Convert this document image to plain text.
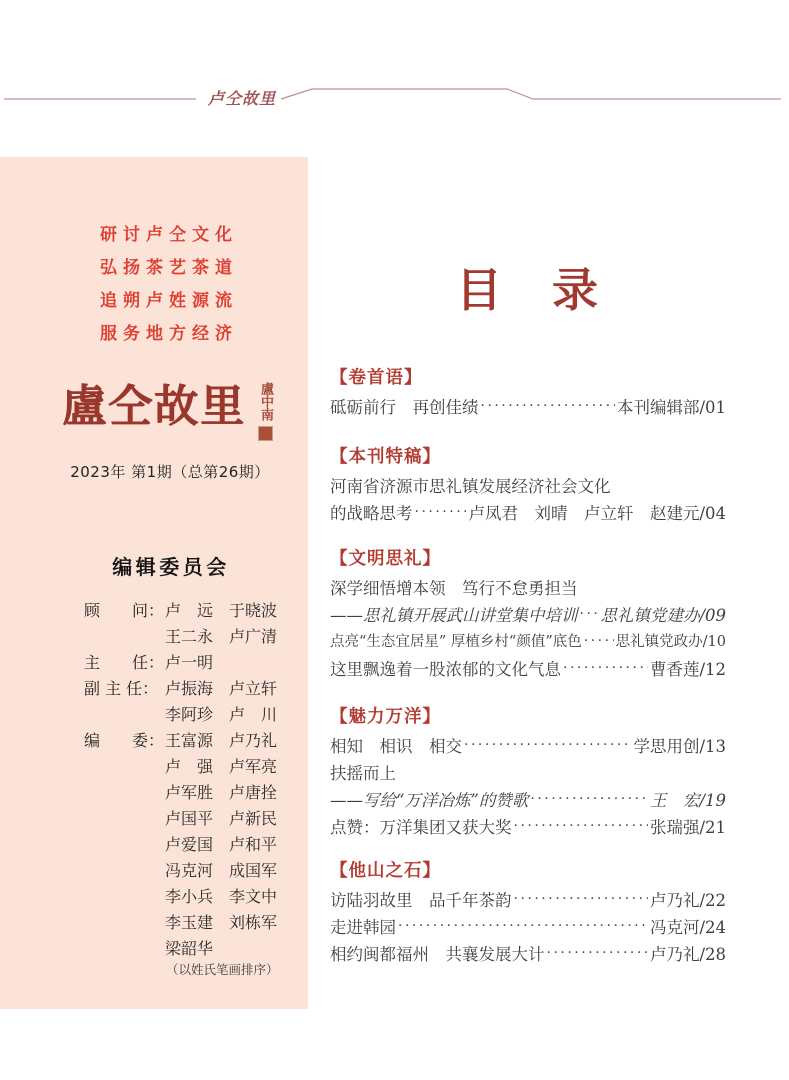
卢仝故里
研讨卢仝文化
弘扬茶艺茶道
追朔卢姓源流
服务地方经济
盧仝故里 盧中南
2023年 第1期（总第26期）
编辑委员会
顾　　问： 卢　远　于晓波
王二永　卢广清
主　　任： 卢一明
副 主 任： 卢振海　卢立轩
李阿珍　卢　川
编　　委： 王富源　卢乃礼
卢　强　卢军亮
卢军胜　卢唐拴
卢国平　卢新民
卢爱国　卢和平
冯克河　成国军
李小兵　李文中
李玉建　刘栋军
梁韶华
（以姓氏笔画排序）
目　录
【卷首语】
砥砺前行　再创佳绩 ·····	本刊编辑部/01
【本刊特稿】
河南省济源市思礼镇发展经济社会文化
的战略思考 ·····	卢凤君　刘晴　卢立轩　赵建元/04
【文明思礼】
深学细悟增本领　笃行不怠勇担当
——思礼镇开展武山讲堂集中培训 ····· 思礼镇党建办/09
点亮“生态宜居星” 厚植乡村“颜值”底色 ····· 思礼镇党政办/10
这里飘逸着一股浓郁的文化气息 ·····	曹香莲/12
【魅力万洋】
相知　相识　相交 ·····	学思用创/13
扶摇而上
——写给“万洋冶炼”的赞歌 ·····	王　宏/19
点赞：万洋集团又获大奖 ·····	张瑞强/21
【他山之石】
访陆羽故里　品千年茶韵 ·····	卢乃礼/22
走进韩园 ·····	冯克河/24
相约闽都福州　共襄发展大计 ·····	卢乃礼/28
